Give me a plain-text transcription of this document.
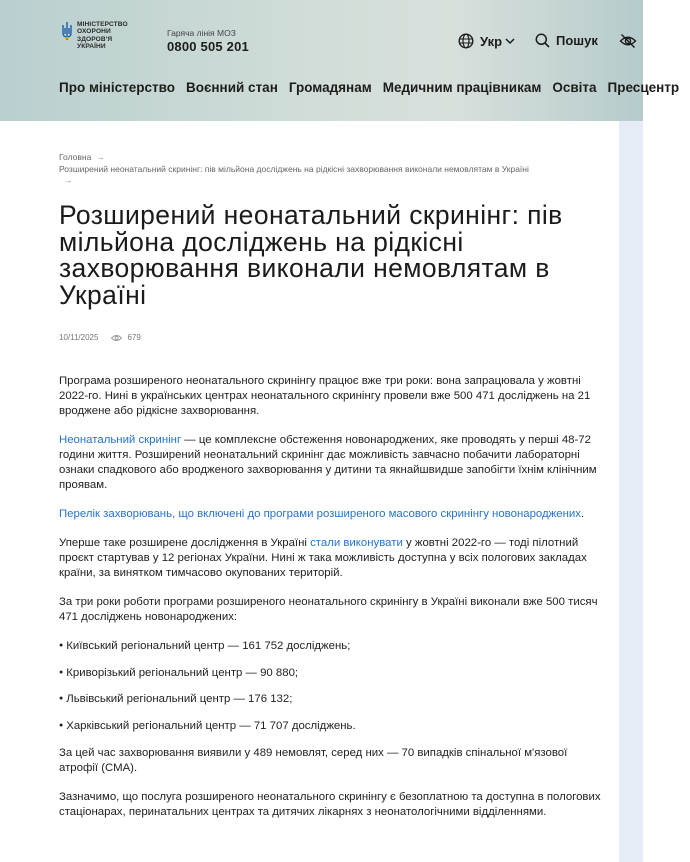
МІНІСТЕРСТВО
ОХОРОНИ
ЗДОРОВ'Я
УКРАЇНИ
Гаряча лінія МОЗ
0800 505 201	Укр	Пошук
Про міністерство Воєнний стан Громадянам Медичним працівникам Освіта Пресцентр
Головна →
Розширений неонатальний скринінг: пів мільйона досліджень на рідкісні захворювання виконали немовлятам в Україні
→
Розширений неонатальний скринінг: пів мільйона досліджень на рідкісні захворювання виконали немовлятам в Україні
10/11/2025	679

Програма розширеного неонатального скринінгу працює вже три роки: вона запрацювала у жовтні 2022-го. Нині в українських центрах неонатального скринінгу провели вже 500 471 досліджень на 21 вроджене або рідкісне захворювання.

Неонатальний скринінг — це комплексне обстеження новонароджених, яке проводять у перші 48-72 години життя. Розширений неонатальний скринінг дає можливість завчасно побачити лабораторні ознаки спадкового або вродженого захворювання у дитини та якнайшвидше запобігти їхнім клінічним проявам.

Перелік захворювань, що включені до програми розширеного масового скринінгу новонароджених.

Уперше таке розширене дослідження в Україні стали виконувати у жовтні 2022-го — тоді пілотний проєкт стартував у 12 регіонах України. Нині ж така можливість доступна у всіх пологових закладах країни, за винятком тимчасово окупованих територій.

За три роки роботи програми розширеного неонатального скринінгу в Україні виконали вже 500 тисяч 471 досліджень новонароджених:

● Київський регіональний центр — 161 752 досліджень;
● Криворізький регіональний центр — 90 880;
● Львівський регіональний центр — 176 132;
● Харківський регіональний центр — 71 707 досліджень.

За цей час захворювання виявили у 489 немовлят, серед них — 70 випадків спінальної м'язової атрофії (СМА).

Зазначимо, що послуга розширеного неонатального скринінгу є безоплатною та доступна в пологових стаціонарах, перинатальних центрах та дитячих лікарнях з неонатологічними відділеннями.
